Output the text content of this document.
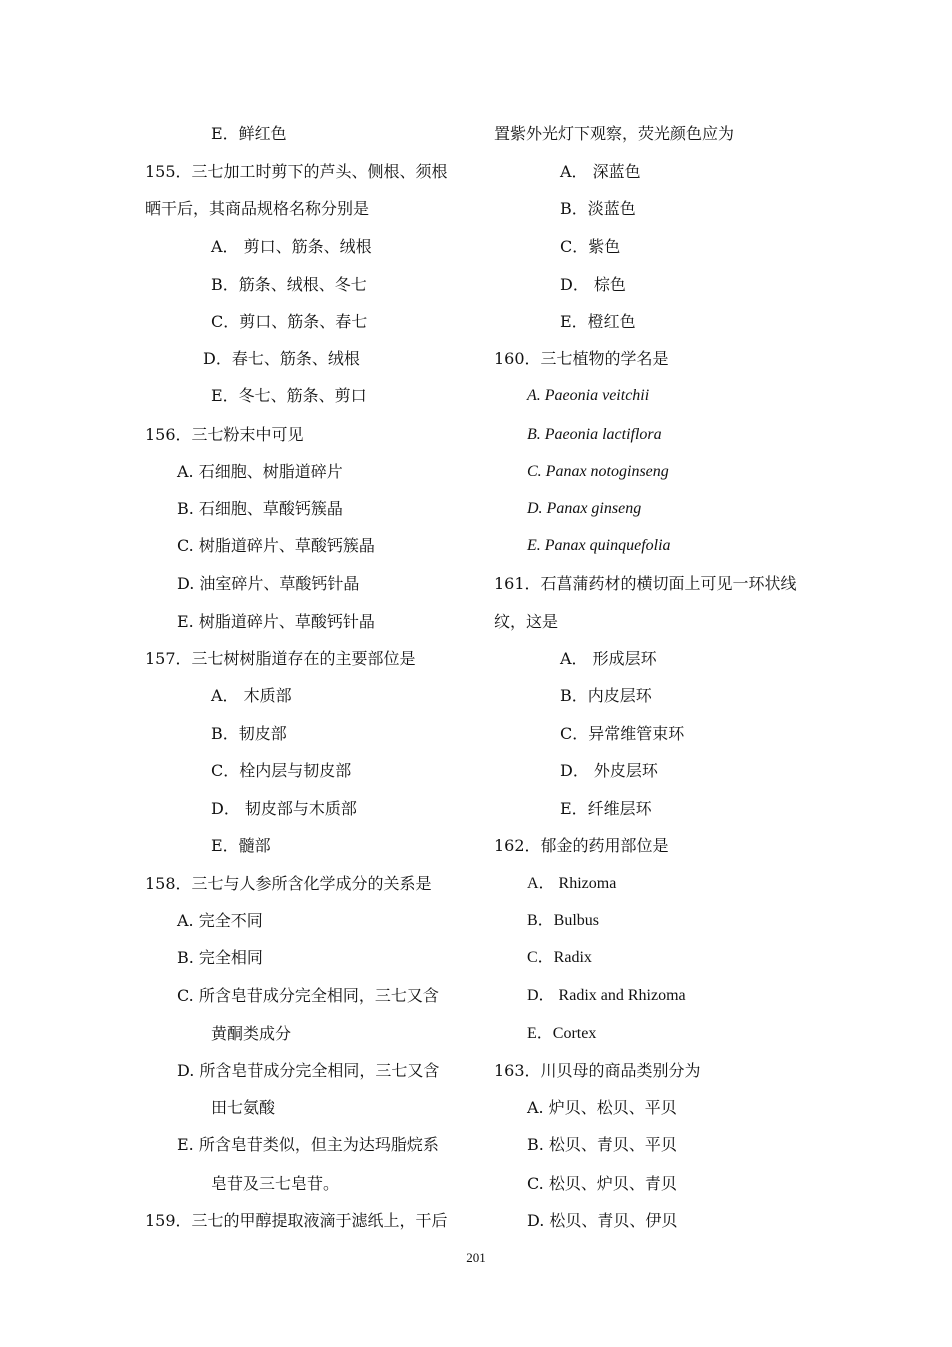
E．鲜红色
155．三七加工时剪下的芦头、侧根、须根
晒干后，其商品规格名称分别是
A． 剪口、筋条、绒根
B．筋条、绒根、冬七
C．剪口、筋条、春七
D．春七、筋条、绒根
E．冬七、筋条、剪口
156．三七粉末中可见
A. 石细胞、树脂道碎片
B. 石细胞、草酸钙簇晶
C. 树脂道碎片、草酸钙簇晶
D. 油室碎片、草酸钙针晶
E. 树脂道碎片、草酸钙针晶
157．三七树树脂道存在的主要部位是
A． 木质部
B．韧皮部
C．栓内层与韧皮部
D． 韧皮部与木质部
E．髓部
158．三七与人参所含化学成分的关系是
A. 完全不同
B. 完全相同
C. 所含皂苷成分完全相同，三七又含
黄酮类成分
D. 所含皂苷成分完全相同，三七又含
田七氨酸
E. 所含皂苷类似，但主为达玛脂烷系
皂苷及三七皂苷。
159．三七的甲醇提取液滴于滤纸上，干后
置紫外光灯下观察，荧光颜色应为
A． 深蓝色
B．淡蓝色
C．紫色
D． 棕色
E．橙红色
160．三七植物的学名是
A. Paeonia veitchii
B. Paeonia lactiflora
C. Panax notoginseng
D. Panax ginseng
E. Panax quinquefolia
161．石菖蒲药材的横切面上可见一环状线
纹，这是
A． 形成层环
B．内皮层环
C．异常维管束环
D． 外皮层环
E．纤维层环
162．郁金的药用部位是
A． Rhizoma
B．Bulbus
C．Radix
D． Radix and Rhizoma
E．Cortex
163．川贝母的商品类别分为
A. 炉贝、松贝、平贝
B. 松贝、青贝、平贝
C. 松贝、炉贝、青贝
D. 松贝、青贝、伊贝
201
